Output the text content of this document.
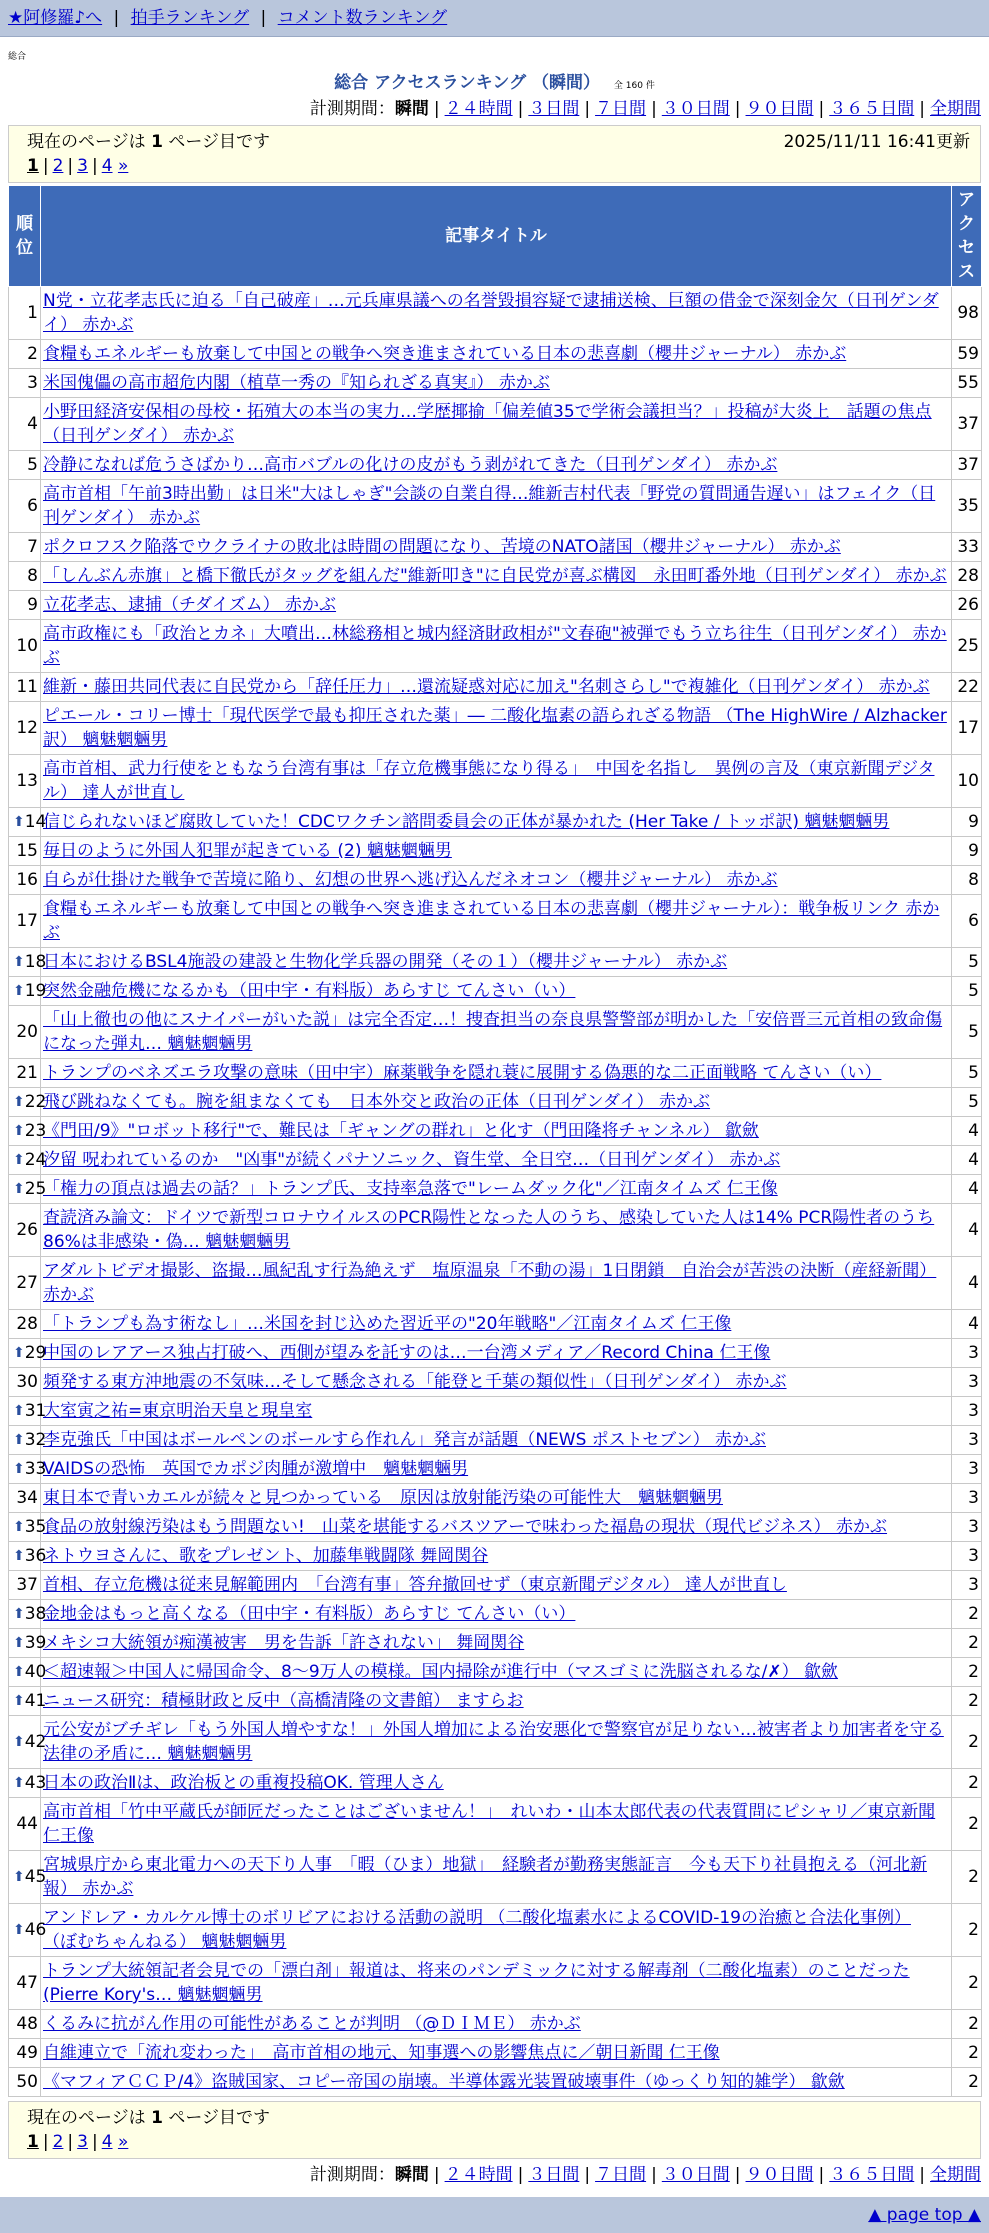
★阿修羅♪へ | 拍手ランキング | コメント数ランキング
総合
総合 アクセスランキング （瞬間） 全 160 件
計測期間：瞬間 | ２４時間 | ３日間 | ７日間 | ３０日間 | ９０日間 | ３６５日間 | 全期間
現在のページは 1 ページ目です	2025/11/11 16:41更新
1 | 2 | 3 | 4 »
順位	記事タイトル	アクセス
1	N党・立花孝志氏に迫る「自己破産」…元兵庫県議への名誉毀損容疑で逮捕送検、巨額の借金で深刻金欠（日刊ゲンダイ） 赤かぶ	98
2	食糧もエネルギーも放棄して中国との戦争へ突き進まされている日本の悲喜劇（櫻井ジャーナル） 赤かぶ	59
3	米国傀儡の高市超危内閣（植草一秀の『知られざる真実』） 赤かぶ	55
4	小野田経済安保相の母校・拓殖大の本当の実力…学歴揶揄「偏差値35で学術会議担当？」投稿が大炎上　話題の焦点（日刊ゲンダイ） 赤かぶ	37
5	冷静になれば危うさばかり…高市バブルの化けの皮がもう剥がれてきた（日刊ゲンダイ） 赤かぶ	37
6	高市首相「午前3時出勤」は日米"大はしゃぎ"会談の自業自得…維新吉村代表「野党の質問通告遅い」はフェイク（日刊ゲンダイ） 赤かぶ	35
7	ポクロフスク陥落でウクライナの敗北は時間の問題になり、苦境のNATO諸国（櫻井ジャーナル） 赤かぶ	33
8	「しんぶん赤旗」と橋下徹氏がタッグを組んだ"維新叩き"に自民党が喜ぶ構図　永田町番外地（日刊ゲンダイ） 赤かぶ	28
9	立花孝志、逮捕（チダイズム） 赤かぶ	26
10	高市政権にも「政治とカネ」大噴出…林総務相と城内経済財政相が"文春砲"被弾でもう立ち往生（日刊ゲンダイ） 赤かぶ	25
11	維新・藤田共同代表に自民党から「辞任圧力」…還流疑惑対応に加え"名刺さらし"で複雑化（日刊ゲンダイ） 赤かぶ	22
12	ピエール・コリー博士「現代医学で最も抑圧された薬」― 二酸化塩素の語られざる物語 （The HighWire / Alzhacker訳） 魑魅魍魎男	17
13	高市首相、武力行使をともなう台湾有事は「存立危機事態になり得る」　中国を名指し　異例の言及（東京新聞デジタル） 達人が世直し	10

⬆ 14	信じられないほど腐敗していた！CDCワクチン諮問委員会の正体が暴かれた (Her Take / トッポ訳) 魑魅魍魎男	9
15	毎日のように外国人犯罪が起きている (2) 魑魅魍魎男	9
16	自らが仕掛けた戦争で苦境に陥り、幻想の世界へ逃げ込んだネオコン（櫻井ジャーナル） 赤かぶ	8
17	食糧もエネルギーも放棄して中国との戦争へ突き進まされている日本の悲喜劇（櫻井ジャーナル）：戦争板リンク 赤かぶ	6

⬆ 18	日本におけるBSL4施設の建設と生物化学兵器の開発（その１）（櫻井ジャーナル） 赤かぶ	5

⬆ 19	突然金融危機になるかも（田中宇・有料版）あらすじ てんさい（い）	5
20	「山上徹也の他にスナイパーがいた説」は完全否定…！捜査担当の奈良県警警部が明かした「安倍晋三元首相の致命傷になった弾丸… 魑魅魍魎男	5
21	トランプのベネズエラ攻撃の意味（田中宇）麻薬戦争を隠れ蓑に展開する偽悪的な二正面戦略 てんさい（い）	5

⬆ 22	飛び跳ねなくても。腕を組まなくても　日本外交と政治の正体（日刊ゲンダイ） 赤かぶ	5

⬆ 23	《門田/9》"ロボット移行"で、難民は「ギャングの群れ」と化す（門田隆将チャンネル） 歙歛	4

⬆ 24	汐留 呪われているのか　"凶事"が続くパナソニック、資生堂、全日空…（日刊ゲンダイ） 赤かぶ	4

⬆ 25	「権力の頂点は過去の話？」トランプ氏、支持率急落で"レームダック化"／江南タイムズ 仁王像	4
26	査読済み論文：ドイツで新型コロナウイルスのPCR陽性となった人のうち、感染していた人は14% PCR陽性者のうち86%は非感染・偽… 魑魅魍魎男	4
27	アダルトビデオ撮影、盗撮…風紀乱す行為絶えず　塩原温泉「不動の湯」1日閉鎖　自治会が苦渋の決断（産経新聞） 赤かぶ	4
28	「トランプも為す術なし」…米国を封じ込めた習近平の"20年戦略"／江南タイムズ 仁王像	4

⬆ 29	中国のレアアース独占打破へ、西側が望みを託すのは…一台湾メディア／Record China 仁王像	3
30	頻発する東方沖地震の不気味…そして懸念される「能登と千葉の類似性」（日刊ゲンダイ） 赤かぶ	3

⬆ 31	大室寅之祐=東京明治天皇と現皇室	3

⬆ 32	李克強氏「中国はボールペンのボールすら作れん」発言が話題（NEWS ポストセブン） 赤かぶ	3

⬆ 33	VAIDSの恐怖　英国でカポジ肉腫が激増中　魑魅魍魎男	3
34	東日本で青いカエルが続々と見つかっている　原因は放射能汚染の可能性大　魑魅魍魎男	3

⬆ 35	食品の放射線汚染はもう問題ない!　山菜を堪能するバスツアーで味わった福島の現状（現代ビジネス） 赤かぶ	3

⬆ 36	ネトウヨさんに、歌をプレゼント、加藤隼戦闘隊 舞岡関谷	3
37	首相、存立危機は従来見解範囲内　「台湾有事」答弁撤回せず（東京新聞デジタル） 達人が世直し	3

⬆ 38	金地金はもっと高くなる（田中宇・有料版）あらすじ てんさい（い）	2

⬆ 39	メキシコ大統領が痴漢被害　男を告訴「許されない」 舞岡関谷	2

⬆ 40	＜超速報＞中国人に帰国命令、8～9万人の模様。国内掃除が進行中（マスゴミに洗脳されるな/✗） 歙歛	2

⬆ 41	ニュース研究：積極財政と反中（高橋清隆の文書館） ますらお	2

⬆ 42	元公安がブチギレ「もう外国人増やすな！」外国人増加による治安悪化で警察官が足りない…被害者より加害者を守る法律の矛盾に… 魑魅魍魎男	2

⬆ 43	日本の政治Ⅱは、政治板との重複投稿OK. 管理人さん	2
44	高市首相「竹中平蔵氏が師匠だったことはございません！」　れいわ・山本太郎代表の代表質問にピシャリ／東京新聞 仁王像	2

⬆ 45	宮城県庁から東北電力への天下り人事　「暇（ひま）地獄」　経験者が勤務実態証言　今も天下り社員抱える（河北新報） 赤かぶ	2

⬆ 46	アンドレア・カルケル博士のボリビアにおける活動の説明 （二酸化塩素水によるCOVID-19の治癒と合法化事例） （ぼむちゃんねる） 魑魅魍魎男	2
47	トランプ大統領記者会見での「漂白剤」報道は、将来のパンデミックに対する解毒剤（二酸化塩素）のことだった (Pierre Kory's… 魑魅魍魎男	2
48	くるみに抗がん作用の可能性があることが判明 （@ＤＩＭＥ） 赤かぶ	2
49	自維連立で「流れ変わった」　高市首相の地元、知事選への影響焦点に／朝日新聞 仁王像	2
50	《マフィアＣＣＰ/4》盗賊国家、コピー帝国の崩壊。半導体露光装置破壊事件（ゆっくり知的雑学） 歙歛	2
現在のページは 1 ページ目です
1 | 2 | 3 | 4 »
計測期間：瞬間 | ２４時間 | ３日間 | ７日間 | ３０日間 | ９０日間 | ３６５日間 | 全期間
▲ page top ▲
